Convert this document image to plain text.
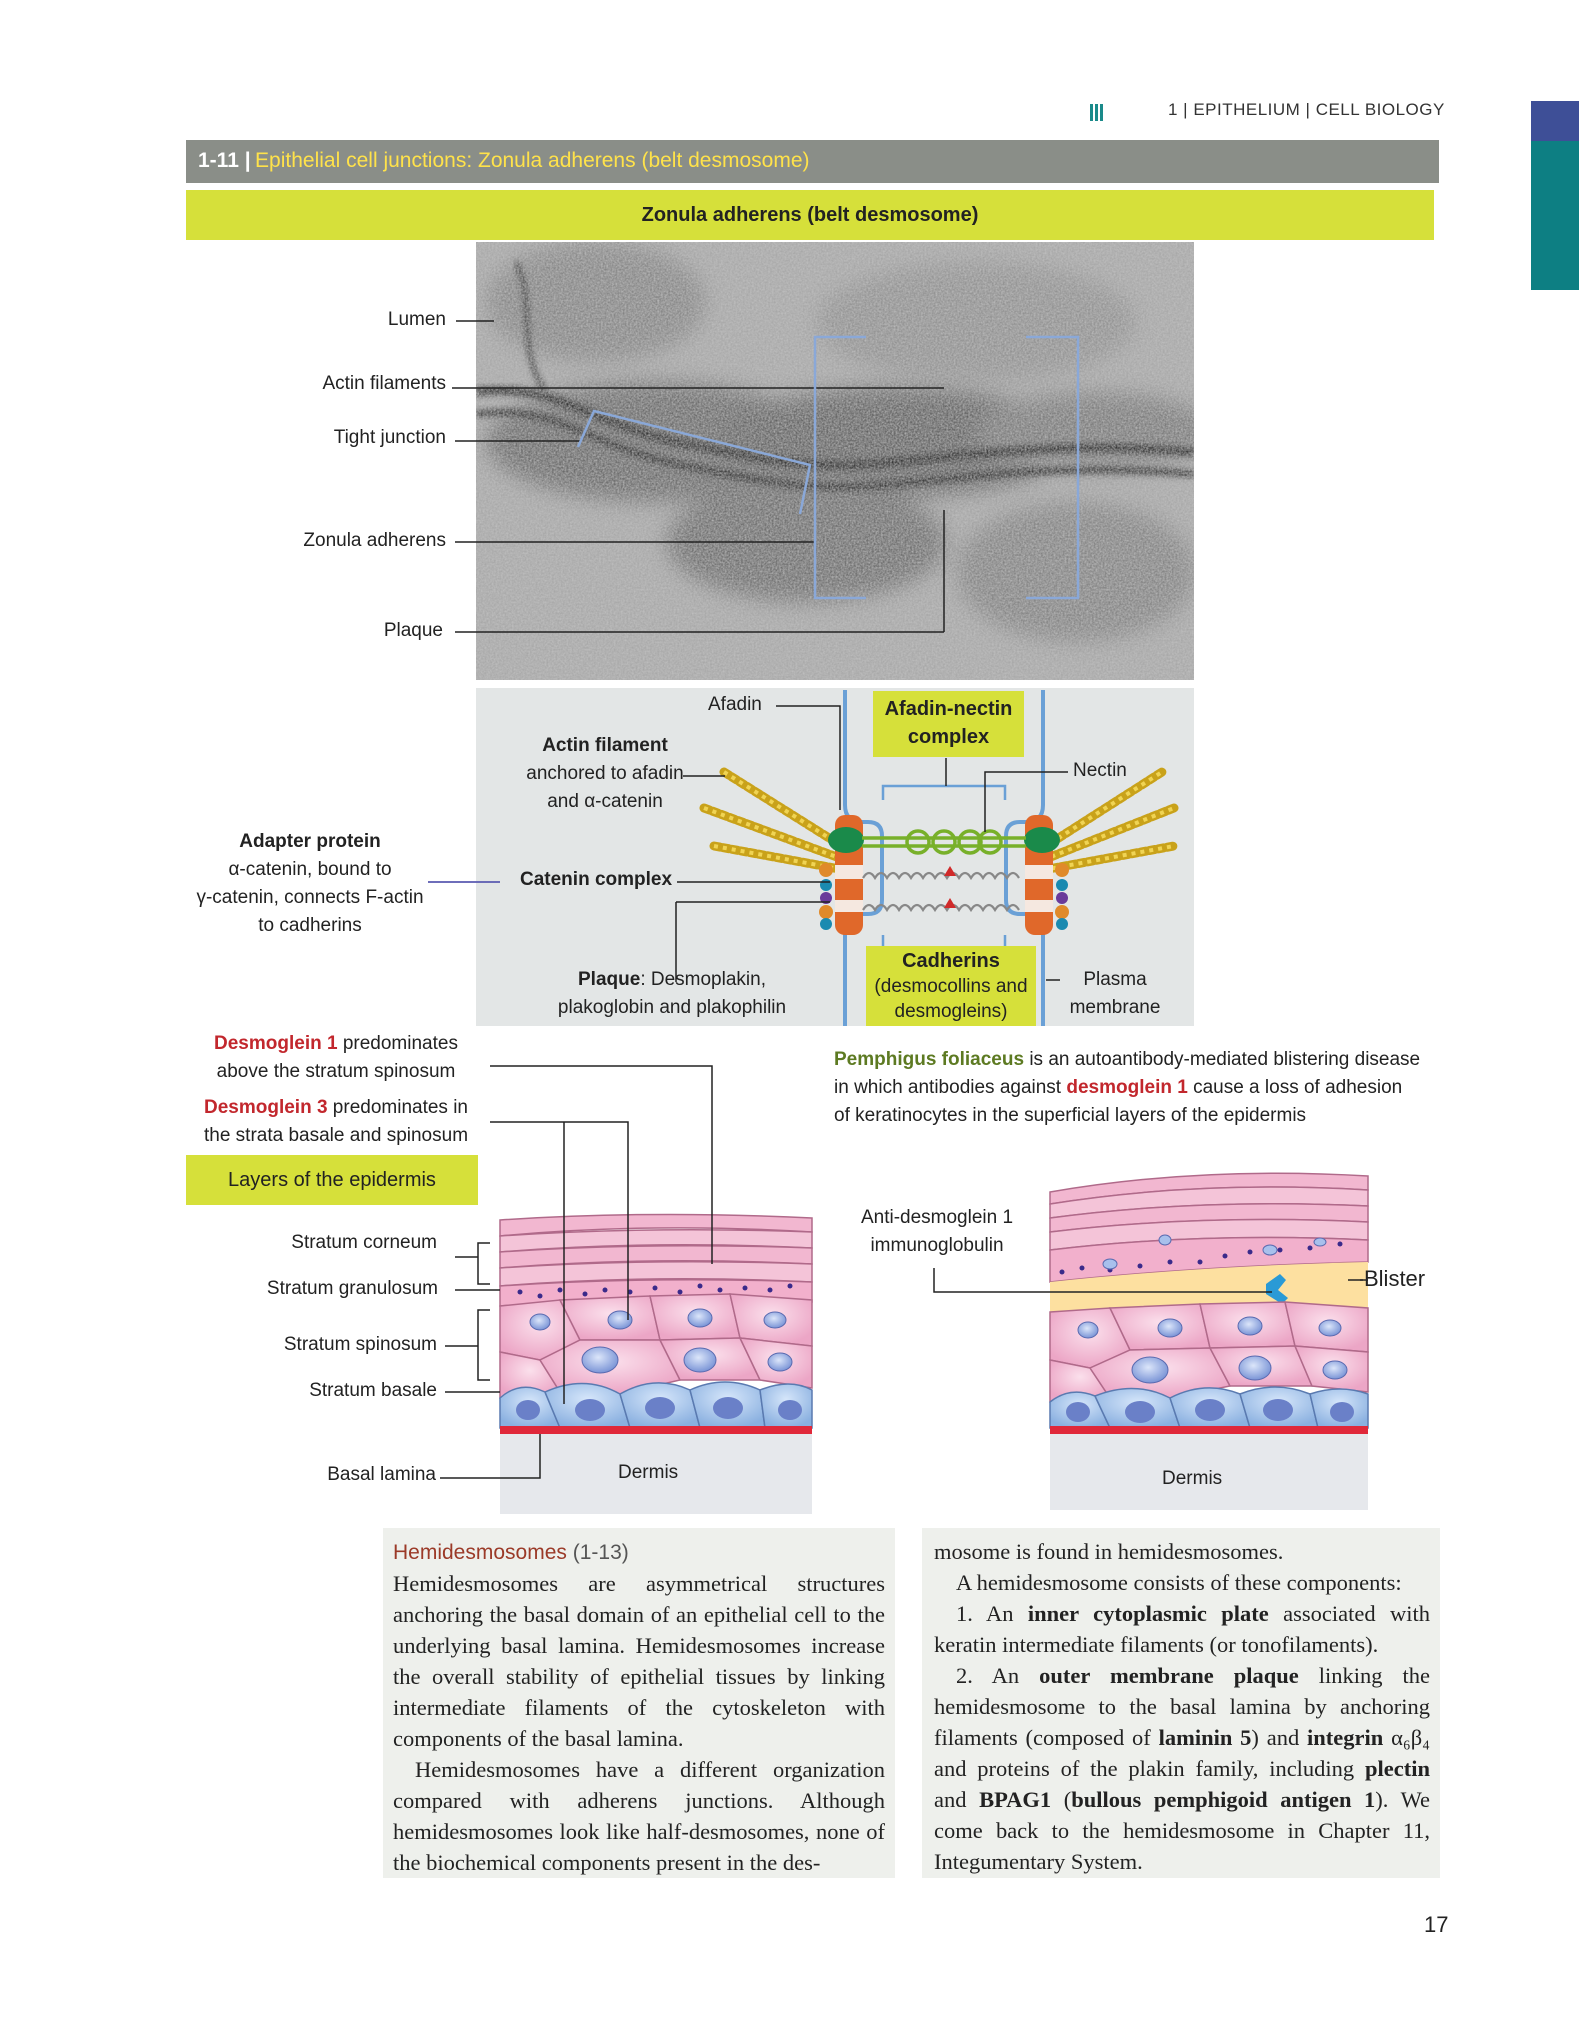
1 | EPITHELIUM | CELL BIOLOGY
1-11 | Epithelial cell junctions: Zonula adherens (belt desmosome)
Zonula adherens (belt desmosome)
Lumen
Actin filaments
Tight junction
Zonula adherens
Plaque
Afadin-nectin
complex
Cadherins
(desmocollins and
desmogleins)
Afadin
Nectin
Actin filament
anchored to afadin
and α-catenin
Adapter protein
α-catenin, bound to
γ-catenin, connects F-actin
to cadherins
Catenin complex
Plaque: Desmoplakin,
plakoglobin and plakophilin
Plasma
membrane
Desmoglein 1 predominates
above the stratum spinosum
Desmoglein 3 predominates in
the strata basale and spinosum
Pemphigus foliaceus is an autoantibody-mediated blistering disease
in which antibodies against desmoglein 1 cause a loss of adhesion
of keratinocytes in the superficial layers of the epidermis
Layers of the epidermis
Stratum corneum
Stratum granulosum
Stratum spinosum
Stratum basale
Basal lamina	Dermis
Anti-desmoglein 1
immunoglobulin
Blister
Dermis

Hemidesmosomes (1-13)

Hemidesmosomes are asymmetrical structures anchoring the basal domain of an epithelial cell to the underlying basal lamina. Hemidesmosomes increase the overall stability of epithelial tissues by linking intermediate filaments of the cytoskeleton with components of the basal lamina.

Hemidesmosomes have a different organization compared with adherens junctions. Although hemidesmosomes look like half-desmosomes, none of the biochemical components present in the des-

mosome is found in hemidesmosomes.

A hemidesmosome consists of these components:

1. An inner cytoplasmic plate associated with keratin intermediate filaments (or tonofilaments).

2. An outer membrane plaque linking the hemidesmosome to the basal lamina by anchoring filaments (composed of laminin 5) and integrin α₆β₄ and proteins of the plakin family, including plectin and BPAG1 (bullous pemphigoid antigen 1). We come back to the hemidesmosome in Chapter 11, Integumentary System.

17
